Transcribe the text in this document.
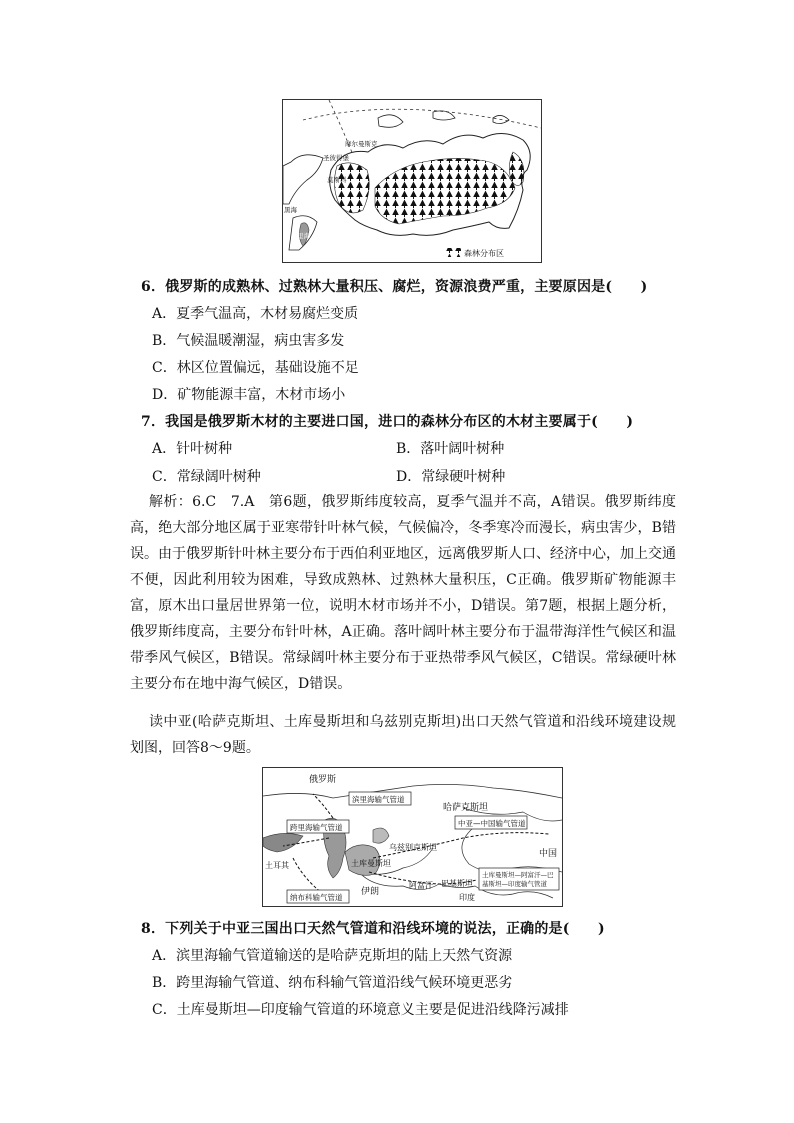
摩尔曼斯克
圣彼得堡
莫斯科
黑海
里海
森林分布区
6．俄罗斯的成熟林、过熟林大量积压、腐烂，资源浪费严重，主要原因是(　　)
A．夏季气温高，木材易腐烂变质
B．气候温暖潮湿，病虫害多发
C．林区位置偏远，基础设施不足
D．矿物能源丰富，木材市场小
7．我国是俄罗斯木材的主要进口国，进口的森林分布区的木材主要属于(　　)
A．针叶树种	B．落叶阔叶树种
C．常绿阔叶树种	D．常绿硬叶树种
解析：6.C　7.A　第6题，俄罗斯纬度较高，夏季气温并不高，A错误。俄罗斯纬度高，绝大部分地区属于亚寒带针叶林气候，气候偏冷，冬季寒冷而漫长，病虫害少，B错误。由于俄罗斯针叶林主要分布于西伯利亚地区，远离俄罗斯人口、经济中心，加上交通不便，因此利用较为困难，导致成熟林、过熟林大量积压，C正确。俄罗斯矿物能源丰富，原木出口量居世界第一位，说明木材市场并不小，D错误。第7题，根据上题分析，俄罗斯纬度高，主要分布针叶林，A正确。落叶阔叶林主要分布于温带海洋性气候区和温带季风气候区，B错误。常绿阔叶林主要分布于亚热带季风气候区，C错误。常绿硬叶林主要分布在地中海气候区，D错误。
读中亚(哈萨克斯坦、土库曼斯坦和乌兹别克斯坦)出口天然气管道和沿线环境建设规划图，回答8～9题。
俄罗斯
哈萨克斯坦
中国
乌兹别克斯坦
土库曼斯坦
土耳其
伊朗
阿富汗 巴基斯坦
印度
滨里海输气管道
跨里海输气管道	中亚—中国输气管道
纳布科输气管道
土库曼斯坦—阿富汗—巴
基斯坦—印度输气管道
8．下列关于中亚三国出口天然气管道和沿线环境的说法，正确的是(　　)
A．滨里海输气管道输送的是哈萨克斯坦的陆上天然气资源
B．跨里海输气管道、纳布科输气管道沿线气候环境更恶劣
C．土库曼斯坦—印度输气管道的环境意义主要是促进沿线降污减排
